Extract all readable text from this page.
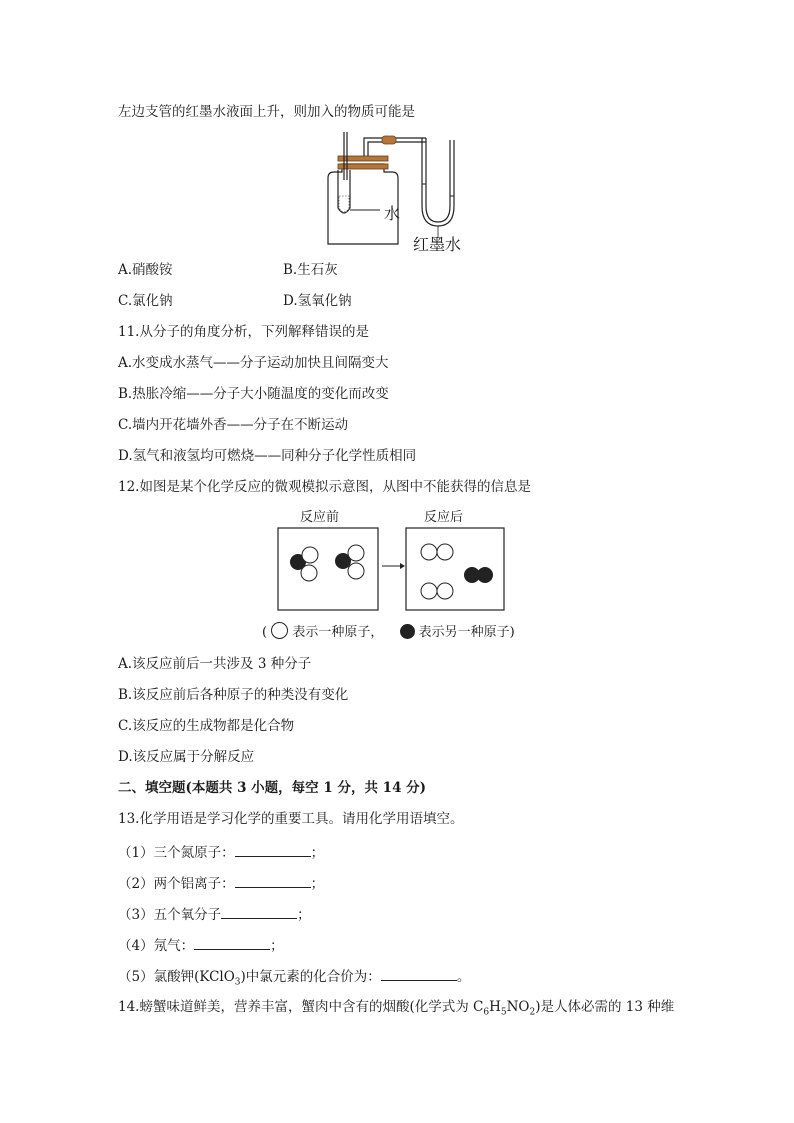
左边支管的红墨水液面上升，则加入的物质可能是
水
红墨水
A.硝酸铵	B.生石灰
C.氯化钠	D.氢氧化钠
11.从分子的角度分析，下列解释错误的是
A.水变成水蒸气——分子运动加快且间隔变大
B.热胀冷缩——分子大小随温度的变化而改变
C.墙内开花墙外香——分子在不断运动
D.氢气和液氢均可燃烧——同种分子化学性质相同
12.如图是某个化学反应的微观模拟示意图，从图中不能获得的信息是
反应前	反应后
( 表示一种原子，	表示另一种原子)
A.该反应前后一共涉及 3 种分子
B.该反应前后各种原子的种类没有变化
C.该反应的生成物都是化合物
D.该反应属于分解反应
二、填空题(本题共 3 小题，每空 1 分，共 14 分)
13.化学用语是学习化学的重要工具。请用化学用语填空。
（1）三个氮原子：	；
（2）两个铝离子：	；
（3）五个氧分子	；
（4）氖气：	；
（5）氯酸钾(KClO$_3$)中氯元素的化合价为：	。
14.螃蟹味道鲜美，营养丰富，蟹肉中含有的烟酸(化学式为 $C_6H_5NO_2$)是人体必需的 13 种维
